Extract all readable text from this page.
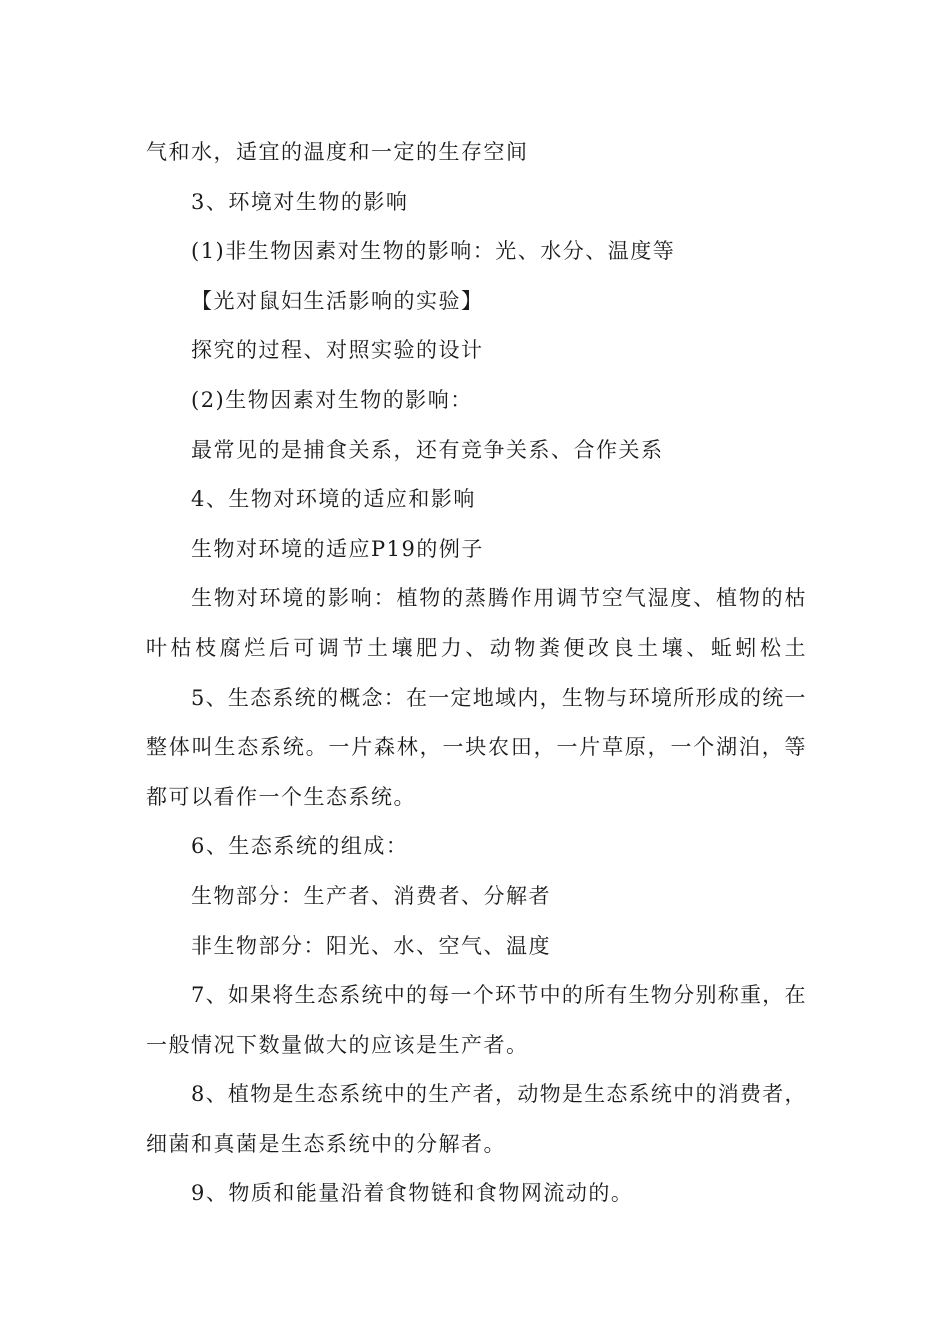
气和水，适宜的温度和一定的生存空间
3、环境对生物的影响
(1)非生物因素对生物的影响：光、水分、温度等
【光对鼠妇生活影响的实验】
探究的过程、对照实验的设计
(2)生物因素对生物的影响：
最常见的是捕食关系，还有竞争关系、合作关系
4、生物对环境的适应和影响
生物对环境的适应P19的例子
生物对环境的影响：植物的蒸腾作用调节空气湿度、植物的枯
叶枯枝腐烂后可调节土壤肥力、动物粪便改良土壤、蚯蚓松土
5、生态系统的概念：在一定地域内，生物与环境所形成的统一
整体叫生态系统。一片森林，一块农田，一片草原，一个湖泊，等
都可以看作一个生态系统。
6、生态系统的组成：
生物部分：生产者、消费者、分解者
非生物部分：阳光、水、空气、温度
7、如果将生态系统中的每一个环节中的所有生物分别称重，在
一般情况下数量做大的应该是生产者。
8、植物是生态系统中的生产者，动物是生态系统中的消费者，
细菌和真菌是生态系统中的分解者。
9、物质和能量沿着食物链和食物网流动的。
